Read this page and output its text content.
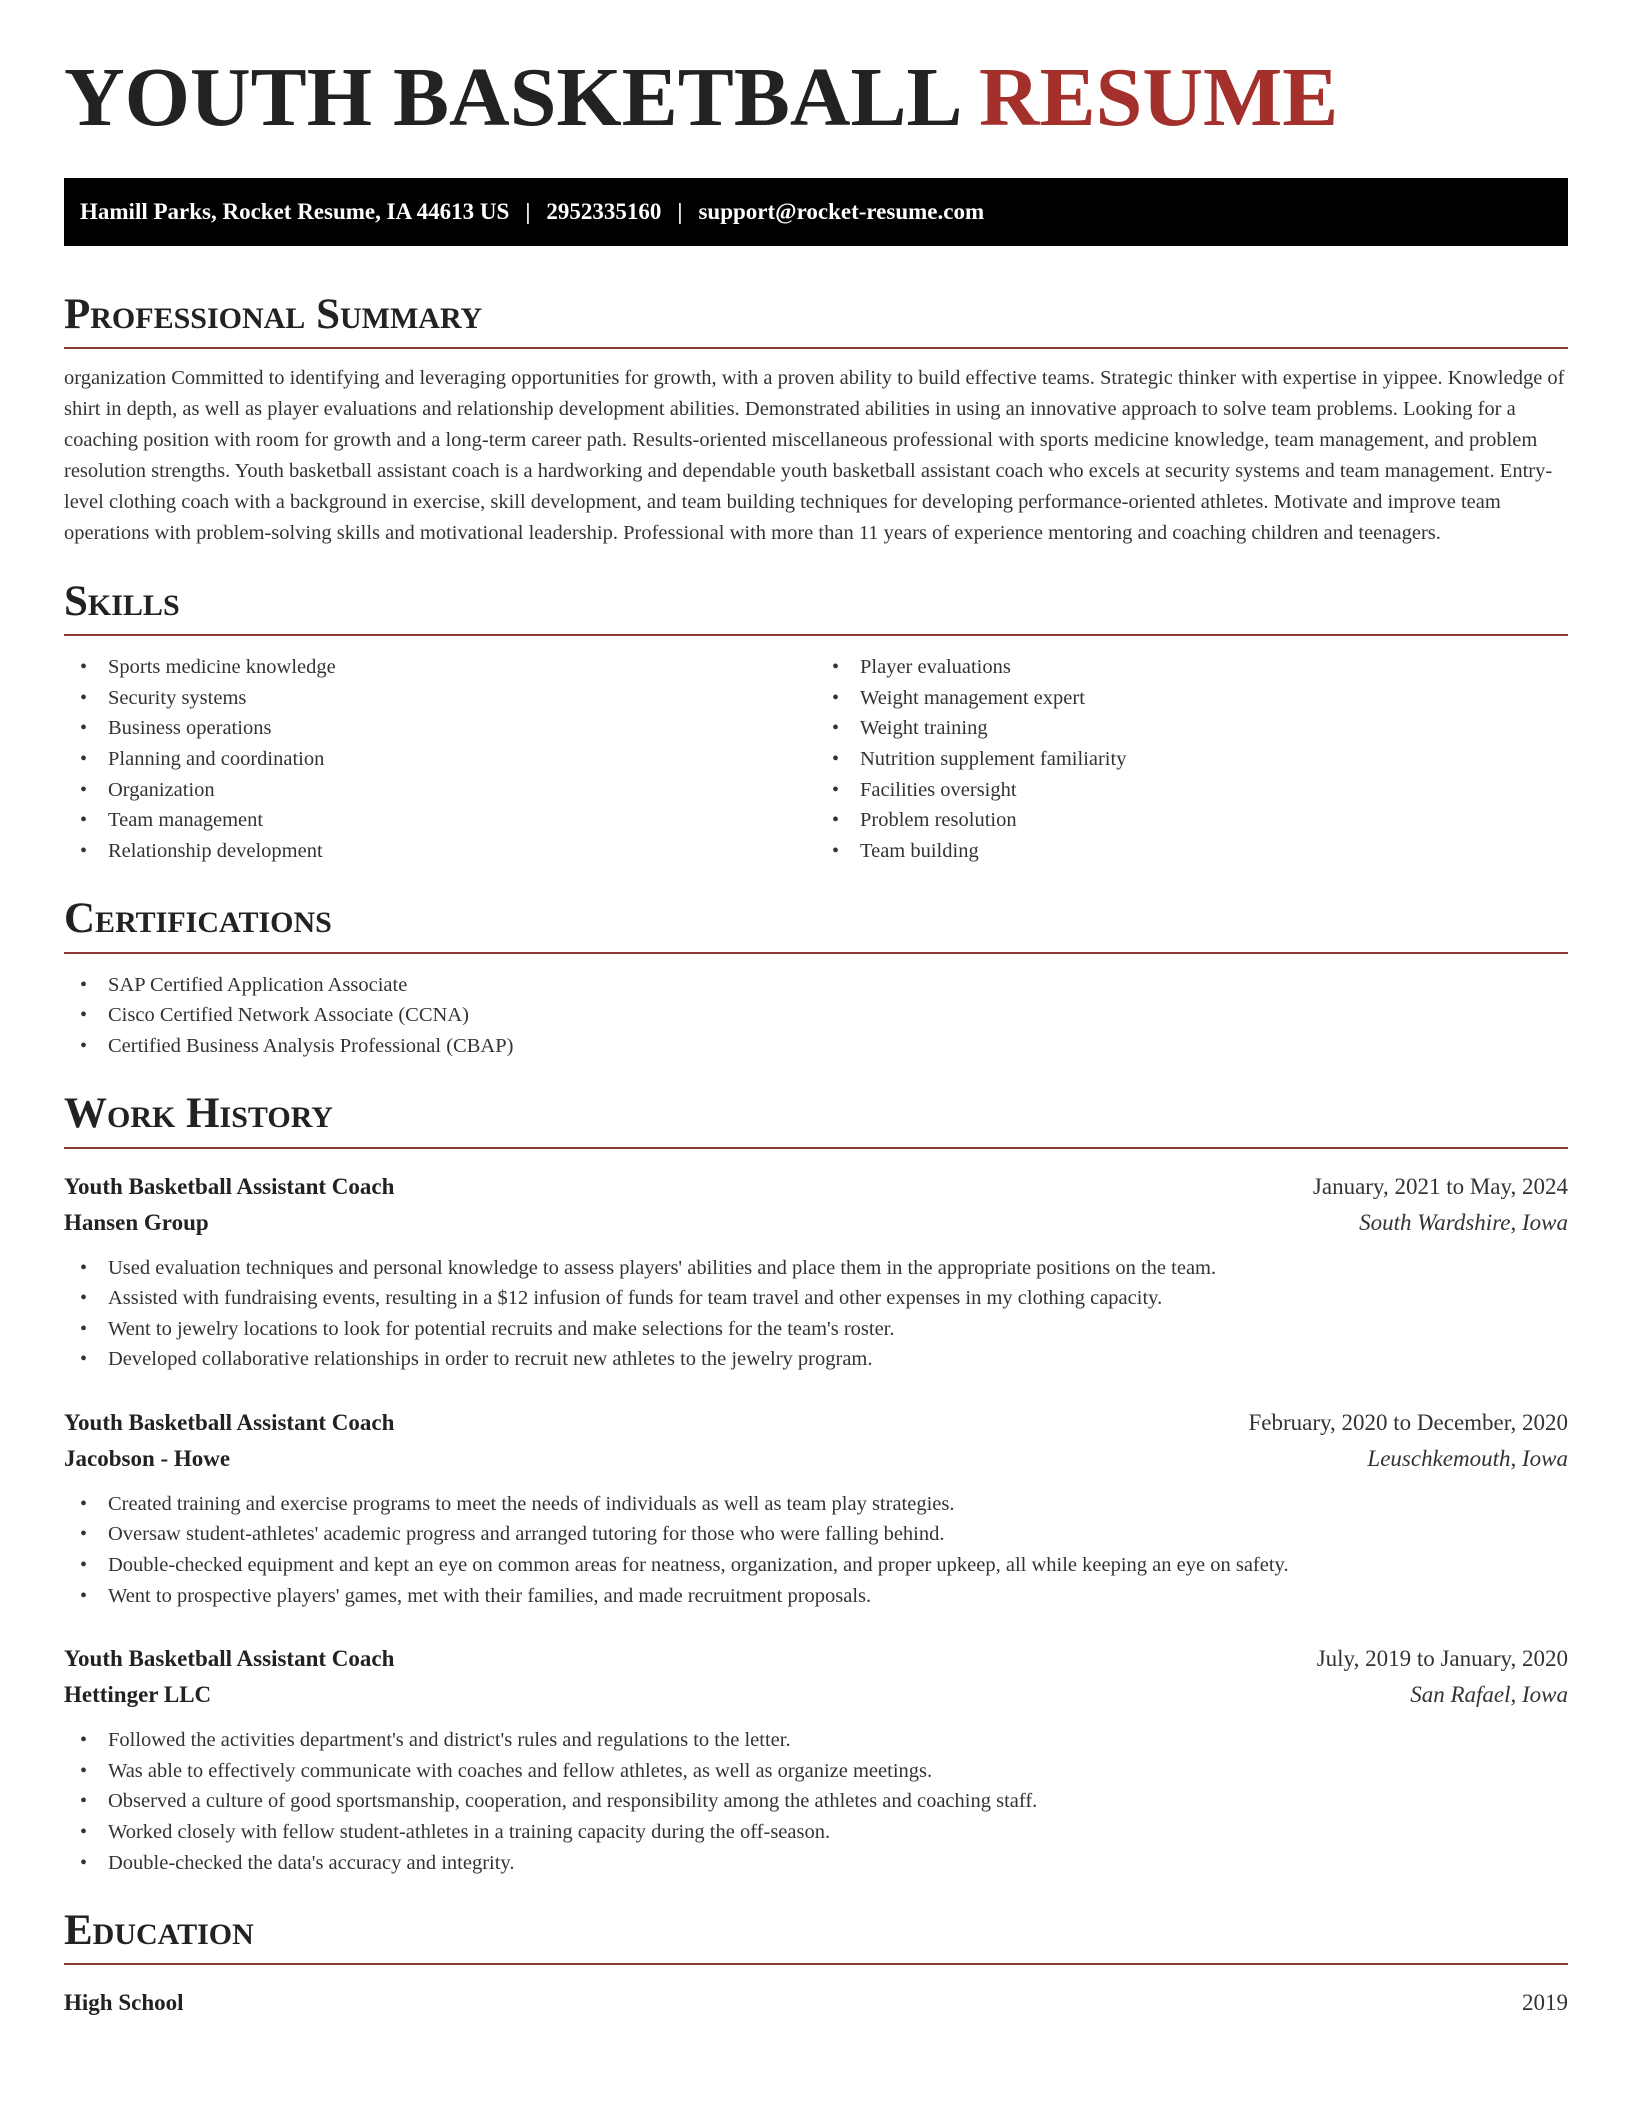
YOUTH BASKETBALL RESUME
Hamill Parks, Rocket Resume, IA 44613 US | 2952335160 | support@rocket-resume.com
Professional Summary

organization Committed to identifying and leveraging opportunities for growth, with a proven ability to build effective teams. Strategic thinker with expertise in yippee. Knowledge of shirt in depth, as well as player evaluations and relationship development abilities. Demonstrated abilities in using an innovative approach to solve team problems. Looking for a coaching position with room for growth and a long-term career path. Results-oriented miscellaneous professional with sports medicine knowledge, team management, and problem resolution strengths. Youth basketball assistant coach is a hardworking and dependable youth basketball assistant coach who excels at security systems and team management. Entry-level clothing coach with a background in exercise, skill development, and team building techniques for developing performance-oriented athletes. Motivate and improve team operations with problem-solving skills and motivational leadership. Professional with more than 11 years of experience mentoring and coaching children and teenagers.

Skills
• Sports medicine knowledge
• Security systems
• Business operations
• Planning and coordination
• Organization
• Team management
• Relationship development
• Player evaluations
• Weight management expert
• Weight training
• Nutrition supplement familiarity
• Facilities oversight
• Problem resolution
• Team building
Certifications
• SAP Certified Application Associate
• Cisco Certified Network Associate (CCNA)
• Certified Business Analysis Professional (CBAP)
Work History
Youth Basketball Assistant Coach	January, 2021 to May, 2024
Hansen Group	South Wardshire, Iowa
• Used evaluation techniques and personal knowledge to assess players' abilities and place them in the appropriate positions on the team.
• Assisted with fundraising events, resulting in a $12 infusion of funds for team travel and other expenses in my clothing capacity.
• Went to jewelry locations to look for potential recruits and make selections for the team's roster.
• Developed collaborative relationships in order to recruit new athletes to the jewelry program.
Youth Basketball Assistant Coach	February, 2020 to December, 2020
Jacobson - Howe	Leuschkemouth, Iowa
• Created training and exercise programs to meet the needs of individuals as well as team play strategies.
• Oversaw student-athletes' academic progress and arranged tutoring for those who were falling behind.
• Double-checked equipment and kept an eye on common areas for neatness, organization, and proper upkeep, all while keeping an eye on safety.
• Went to prospective players' games, met with their families, and made recruitment proposals.
Youth Basketball Assistant Coach	July, 2019 to January, 2020
Hettinger LLC	San Rafael, Iowa
• Followed the activities department's and district's rules and regulations to the letter.
• Was able to effectively communicate with coaches and fellow athletes, as well as organize meetings.
• Observed a culture of good sportsmanship, cooperation, and responsibility among the athletes and coaching staff.
• Worked closely with fellow student-athletes in a training capacity during the off-season.
• Double-checked the data's accuracy and integrity.
Education
High School	2019
